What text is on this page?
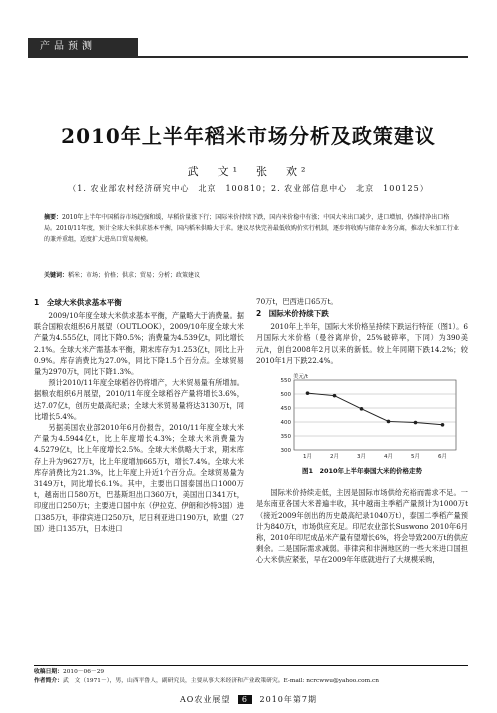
产品预测
2010年上半年稻米市场分析及政策建议
武　文¹　张　欢²
（1. 农业部农村经济研究中心　北京　100810；2. 农业部信息中心　北京　100125）
摘要：2010年上半年中国稻谷市场趋强和缓，早稻价量涨下行；国际米价持续下跌，国内米价稳中有涨；中国大米出口减少，进口增加，仍维持净出口格局。2010/11年度，预计全球大米供求基本平衡，国内稻米供略大于求。建议尽快完善最低收购价实行机制，逐步将收购与储存业务分离，推动大米加工行业的兼并重组，适度扩大进出口贸易规模。
关键词：稻米；市场；价格；供求；贸易；分析；政策建议
1　全球大米供求基本平衡

2009/10年度全球大米供求基本平衡，产量略大于消费量。据联合国粮农组织6月展望（OUTLOOK），2009/10年度全球大米产量为4.555亿t，同比下降0.5%；消费量为4.539亿t，同比增长2.1%。全球大米产需基本平衡，期末库存为1.253亿t，同比上升0.9%。库存消费比为27.0%，同比下降1.5个百分点。全球贸易量为2970万t，同比下降1.3%。

预计2010/11年度全球稻谷仍将增产，大米贸易量有所增加。据粮农组织6月展望，2010/11年度全球稻谷产量将增长3.6%，达7.07亿t，创历史最高纪录；全球大米贸易量将达3130万t，同比增长5.4%。

另据美国农业部2010年6月份报告，2010/11年度全球大米产量为4.5944亿t，比上年度增长4.3%；全球大米消费量为4.5279亿t，比上年度增长2.5%。全球大米供略大于求，期末库存上升为9627万t，比上年度增加665万t，增长7.4%。全球大米库存消费比为21.3%，比上年度上升近1个百分点。全球贸易量为3149万t，同比增长6.1%。其中，主要出口国泰国出口1000万t，越南出口580万t，巴基斯坦出口360万t，美国出口341万t，印度出口250万t；主要进口国中东（伊拉克、伊朗和沙特3国）进口385万t，菲律宾进口250万t，尼日利亚进口190万t，欧盟（27国）进口135万t，日本进口

70万t，巴西进口65万t。

2　国际米价持续下跌

2010年上半年，国际大米价格呈持续下跌运行特征（图1）。6月国际大米价格（曼谷离岸价，25%破碎率，下同）为390美元/t，创自2008年2月以来的新低。较上年同期下跌14.2%；较2010年1月下跌22.4%。

300
350
400
450
500
550
美元/t
1月	2月	3月	4月	5月	6月
图1　2010年上半年泰国大米的价格走势

国际米价持续走低，主因是国际市场供给充裕而需求不足。一是东南亚各国大米普遍丰收，其中越南主季稻产量预计为1000万t（接近2009年创出的历史最高纪录1040万t），泰国二季稻产量预计为840万t，市场供应充足。印尼农业部长Suswono 2010年6月称，2010年印尼成品米产量有望增长6%，将会导致200万t的供应剩余。二是国际需求减弱。菲律宾和非洲地区的一些大米进口国担心大米供应紧张，早在2009年年底就进行了大规模采购，

收稿日期：2010－06－29
作者简介：武　文（1971－），男，山西平鲁人，副研究员，主要从事大米经济和产业政策研究。E-mail: ncrcwwu@yahoo.com.cn
AO农业展望 6 2010年第7期
